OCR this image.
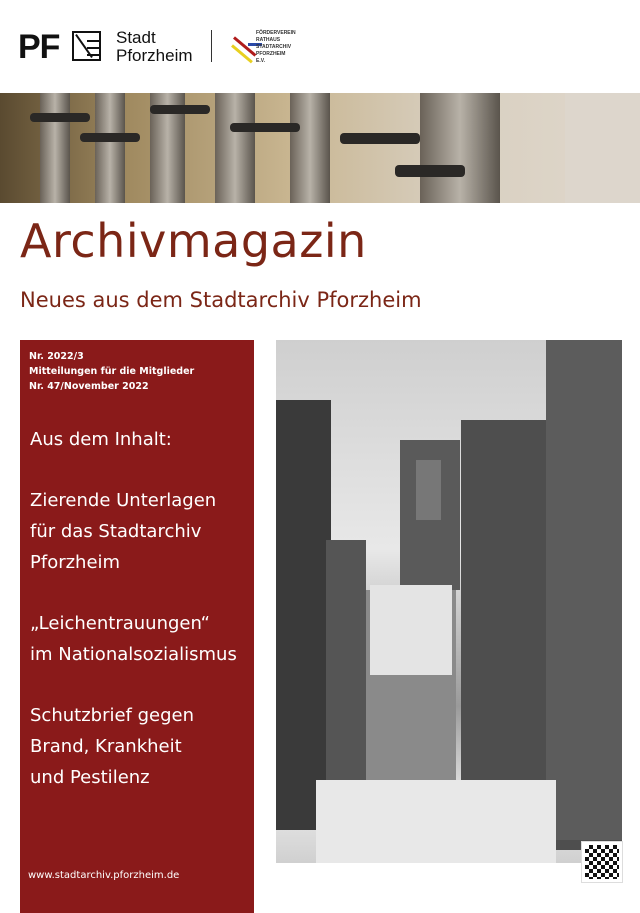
PF	Stadt
Pforzheim
FÖRDERVEREIN
RATHAUS
STADTARCHIV
PFORZHEIM E.V.
Archivmagazin
Neues aus dem Stadtarchiv Pforzheim
Nr. 2022/3
Mitteilungen für die Mitglieder
Nr. 47/November 2022

Aus dem Inhalt:

Zierende Unterlagen
für das Stadtarchiv
Pforzheim

„Leichentrauungen“
im Nationalsozialismus

Schutzbrief gegen
Brand, Krankheit
und Pestilenz

www.stadtarchiv.pforzheim.de
